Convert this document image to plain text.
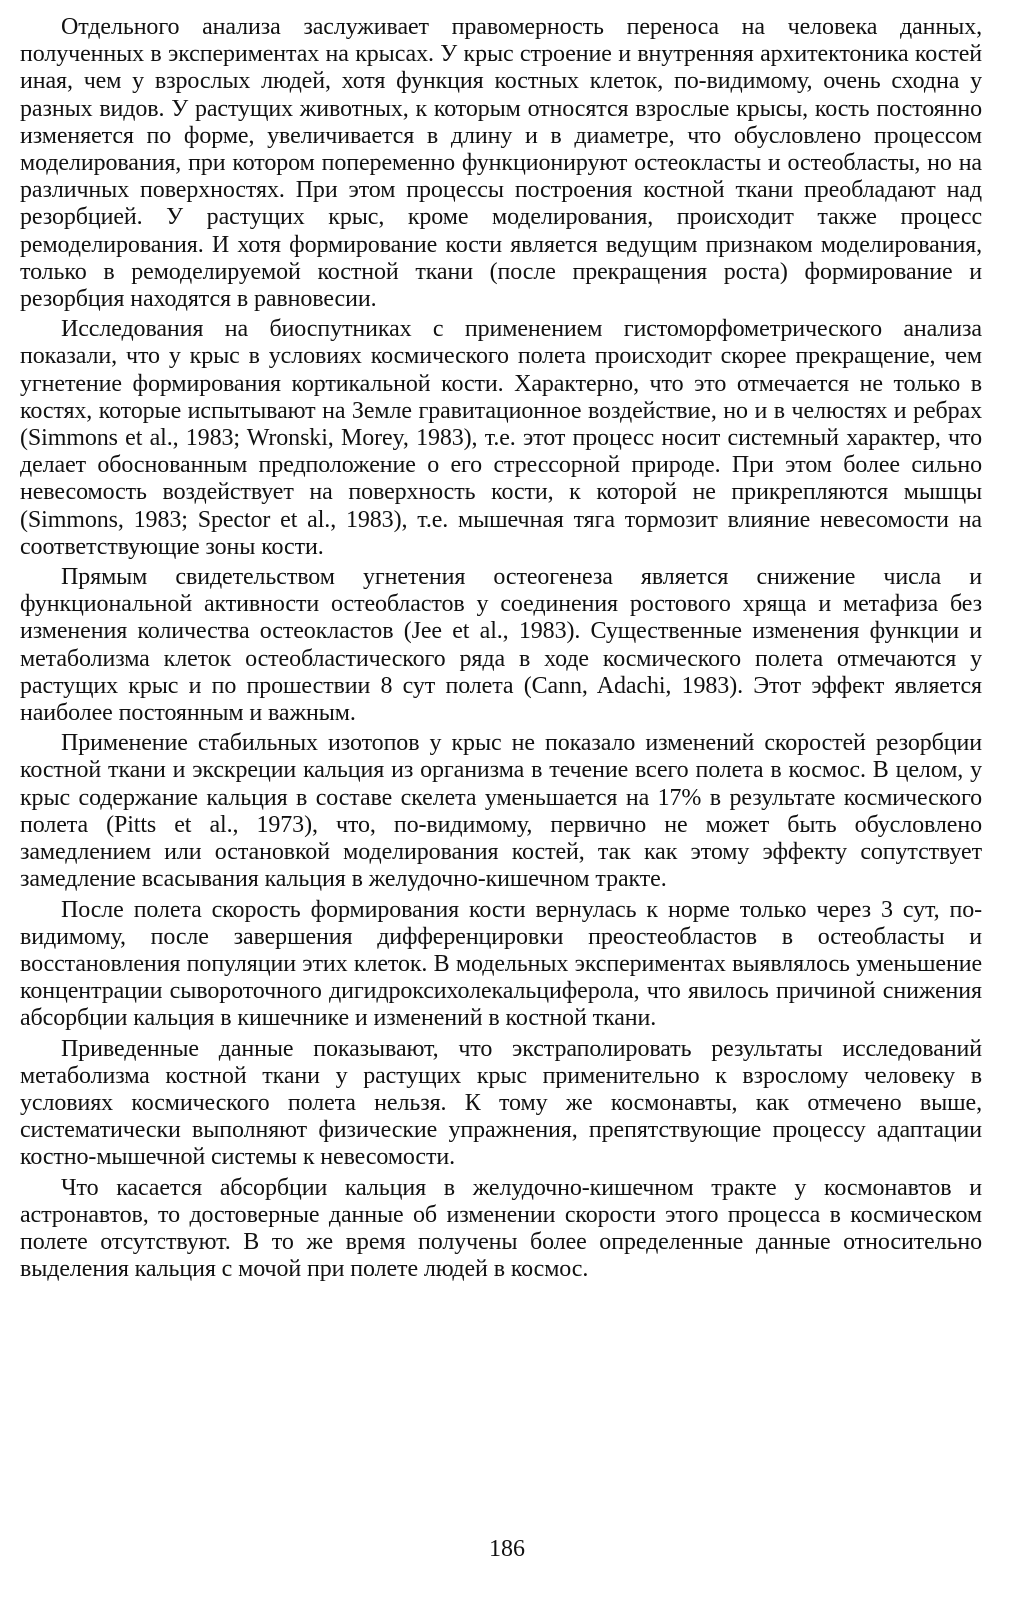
Отдельного анализа заслуживает правомерность переноса на человека данных, полученных в экспериментах на крысах. У крыс строение и внутренняя архитектоника костей иная, чем у взрослых людей, хотя функция костных клеток, по-видимому, очень сходна у разных видов. У растущих животных, к которым относятся взрослые крысы, кость постоянно изменяется по форме, увеличивается в длину и в диаметре, что обусловлено процессом моделирования, при котором попеременно функционируют остеокласты и остеобласты, но на различных поверхностях. При этом процессы построения костной ткани преобладают над резорбцией. У растущих крыс, кроме моделирования, происходит также процесс ремоделирования. И хотя формирование кости является ведущим признаком моделирования, только в ремоделируемой костной ткани (после прекращения роста) формирование и резорбция находятся в равновесии.

Исследования на биоспутниках с применением гистоморфометрического анализа показали, что у крыс в условиях космического полета происходит скорее прекращение, чем угнетение формирования кортикальной кости. Характерно, что это отмечается не только в костях, которые испытывают на Земле гравитационное воздействие, но и в челюстях и ребрах (Simmons et al., 1983; Wronski, Morey, 1983), т.е. этот процесс носит системный характер, что делает обоснованным предположение о его стрессорной природе. При этом более сильно невесомость воздействует на поверхность кости, к которой не прикрепляются мышцы (Simmons, 1983; Spector et al., 1983), т.е. мышечная тяга тормозит влияние невесомости на соответствующие зоны кости.

Прямым свидетельством угнетения остеогенеза является снижение числа и функциональной активности остеобластов у соединения ростового хряща и метафиза без изменения количества остеокластов (Jee et al., 1983). Существенные изменения функции и метаболизма клеток остеобластического ряда в ходе космического полета отмечаются у растущих крыс и по прошествии 8 сут полета (Cann, Adachi, 1983). Этот эффект является наиболее постоянным и важным.

Применение стабильных изотопов у крыс не показало изменений скоростей резорбции костной ткани и экскреции кальция из организма в течение всего полета в космос. В целом, у крыс содержание кальция в составе скелета уменьшается на 17% в результате космического полета (Pitts et al., 1973), что, по-видимому, первично не может быть обусловлено замедлением или остановкой моделирования костей, так как этому эффекту сопутствует замедление всасывания кальция в желудочно-кишечном тракте.

После полета скорость формирования кости вернулась к норме только через 3 сут, по-видимому, после завершения дифференцировки преостеобластов в остеобласты и восстановления популяции этих клеток. В модельных экспериментах выявлялось уменьшение концентрации сывороточного дигидроксихолекальциферола, что явилось причиной снижения абсорбции кальция в кишечнике и изменений в костной ткани.

Приведенные данные показывают, что экстраполировать результаты исследований метаболизма костной ткани у растущих крыс применительно к взрослому человеку в условиях космического полета нельзя. К тому же космонавты, как отмечено выше, систематически выполняют физические упражнения, препятствующие процессу адаптации костно-мышечной системы к невесомости.

Что касается абсорбции кальция в желудочно-кишечном тракте у космонавтов и астронавтов, то достоверные данные об изменении скорости этого процесса в космическом полете отсутствуют. В то же время получены более определенные данные относительно выделения кальция с мочой при полете людей в космос.

186
